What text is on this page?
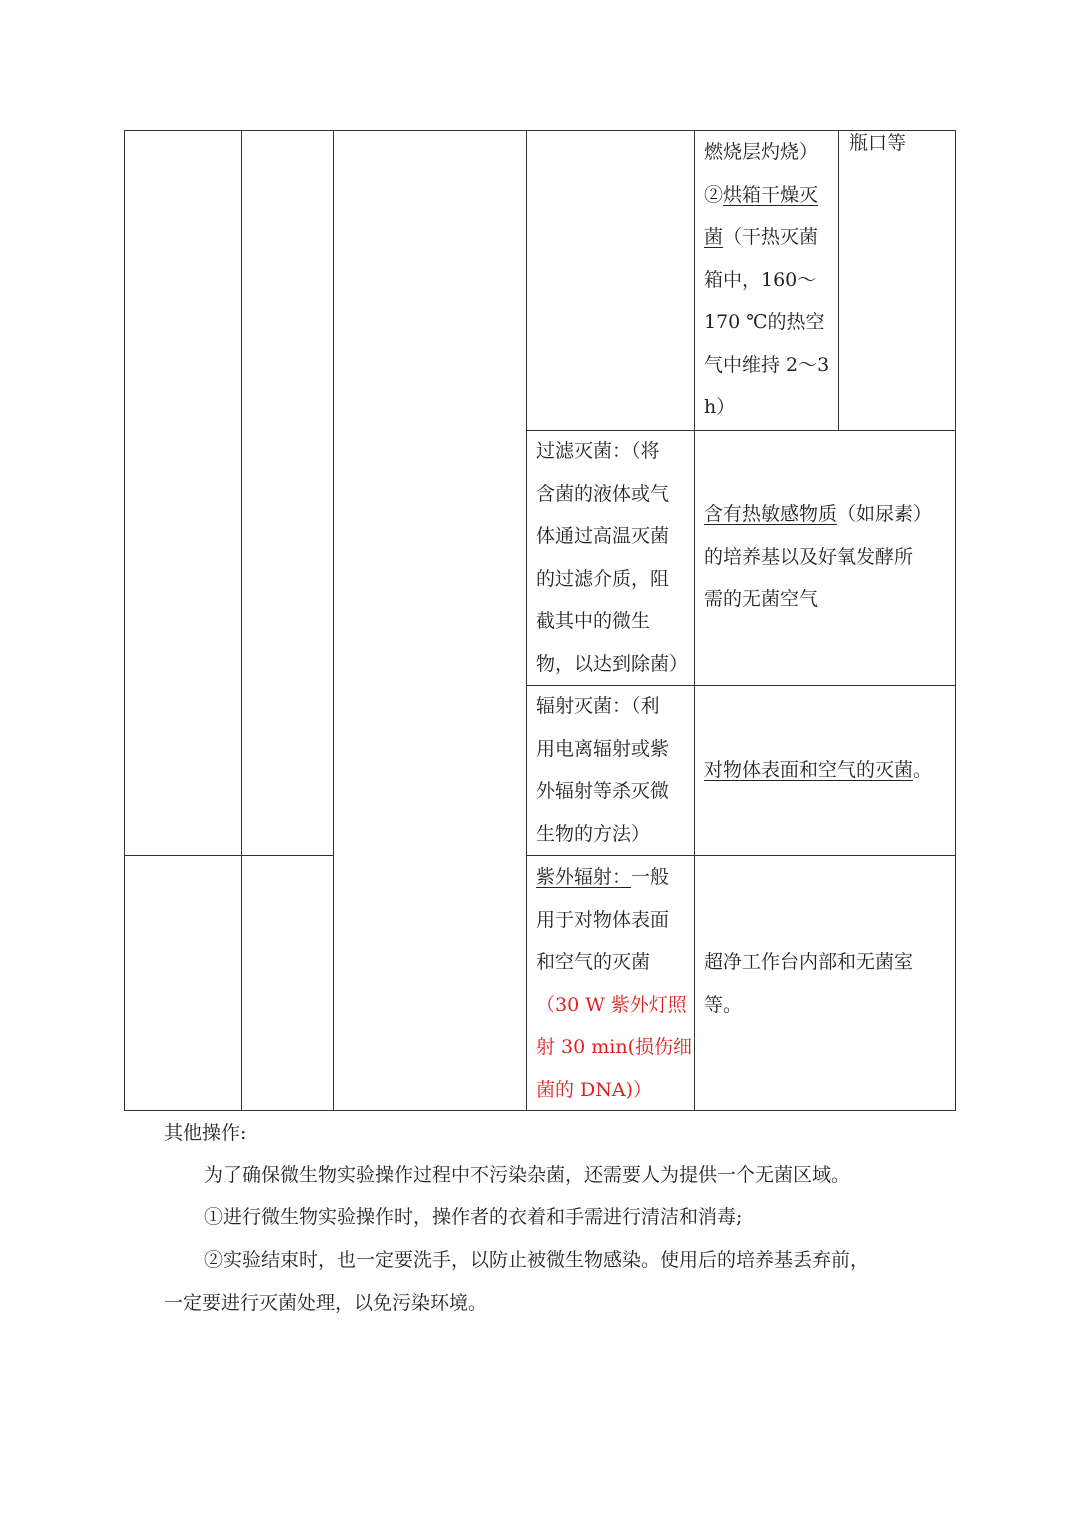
燃烧层灼烧）
②烘箱干燥灭
菌（干热灭菌
箱中，160～
170 ℃的热空
气中维持 2～3
h）
瓶口等
过滤灭菌：（将
含菌的液体或气
体通过高温灭菌
的过滤介质，阻
截其中的微生
物，以达到除菌）
含有热敏感物质（如尿素）
的培养基以及好氧发酵所
需的无菌空气
辐射灭菌：（利
用电离辐射或紫
外辐射等杀灭微
生物的方法）
对物体表面和空气的灭菌。
紫外辐射：一般
用于对物体表面
和空气的灭菌
（30 W 紫外灯照
射 30 min(损伤细
菌的 DNA)）
超净工作台内部和无菌室
等。
其他操作:
为了确保微生物实验操作过程中不污染杂菌，还需要人为提供一个无菌区域。
①进行微生物实验操作时，操作者的衣着和手需进行清洁和消毒;
②实验结束时，也一定要洗手，以防止被微生物感染。使用后的培养基丢弃前，
一定要进行灭菌处理，以免污染环境。
